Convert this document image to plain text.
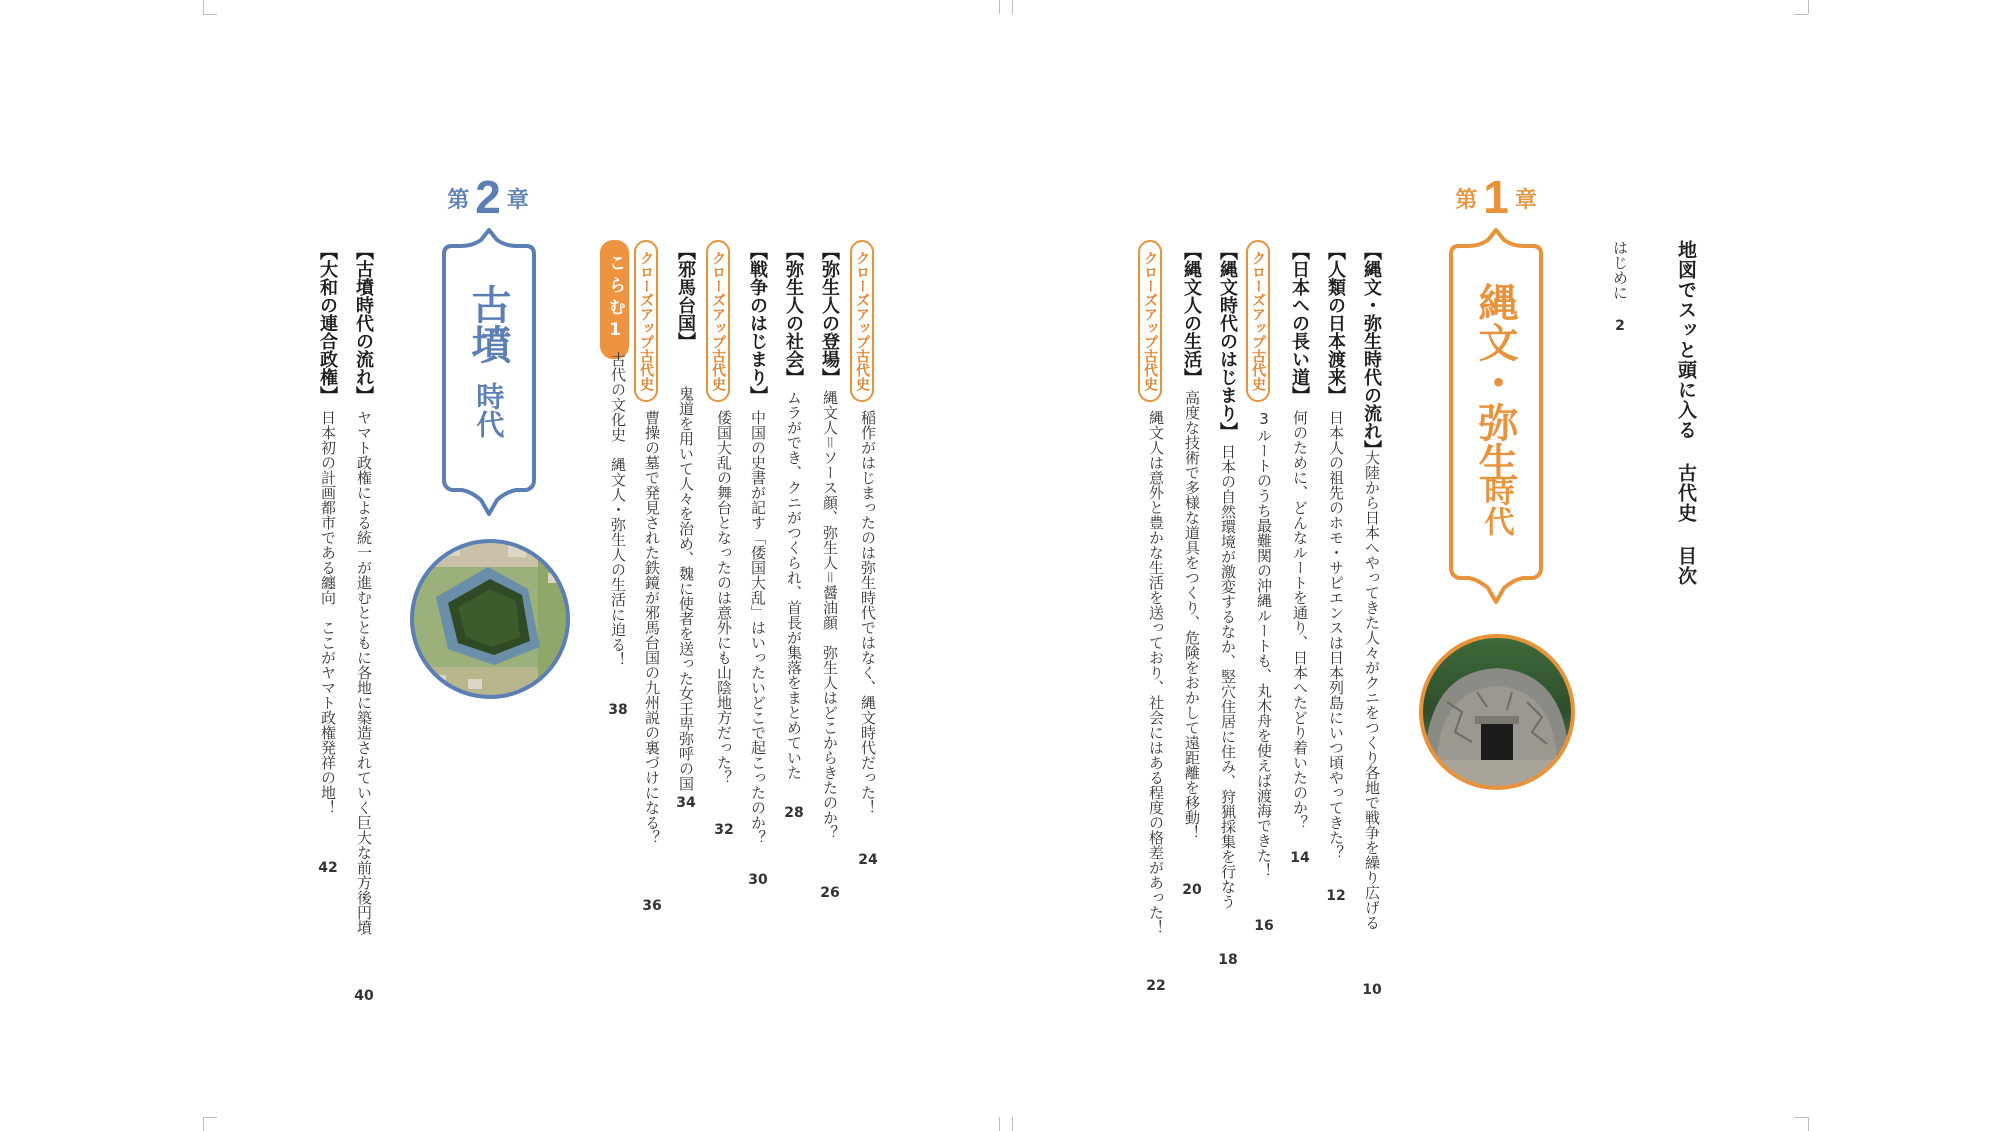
地図でスッと頭に入る 古代史 目次
はじめに
2
第 1 章
縄文・弥生
時代
【縄文・弥生時代の流れ】
大陸から日本へやってきた人々がクニをつくり各地で戦争を繰り広げる
10
【人類の日本渡来】
日本人の祖先のホモ・サピエンスは日本列島にいつ頃やってきた？
12
【日本への長い道】
何のために、どんなルートを通り、日本へたどり着いたのか？
14
クローズアップ古代史
3ルートのうち最難関の沖縄ルートも、丸木舟を使えば渡海できた！
16
【縄文時代のはじまり】
日本の自然環境が激変するなか、竪穴住居に住み、狩猟採集を行なう
18
【縄文人の生活】
高度な技術で多様な道具をつくり、危険をおかして遠距離を移動！
20
クローズアップ古代史
縄文人は意外と豊かな生活を送っており、社会にはある程度の格差があった！
22
クローズアップ古代史
稲作がはじまったのは弥生時代ではなく、縄文時代だった！
24
【弥生人の登場】
縄文人＝ソース顔、弥生人＝醤油顔　弥生人はどこからきたのか？
26
【弥生人の社会】
ムラができ、クニがつくられ、首長が集落をまとめていた
28
【戦争のはじまり】
中国の史書が記す「倭国大乱」はいったいどこで起こったのか？
30
クローズアップ古代史
倭国大乱の舞台となったのは意外にも山陰地方だった？
32
【邪馬台国】
鬼道を用いて人々を治め、魏に使者を送った女王卑弥呼の国
34
クローズアップ古代史
曹操の墓で発見された鉄鏡が邪馬台国の九州説の裏づけになる？
36
こらむ1
古代の文化史　縄文人・弥生人の生活に迫る！
38
第 2 章
古墳
時代
【古墳時代の流れ】
ヤマト政権による統一が進むとともに各地に築造されていく巨大な前方後円墳
40
【大和の連合政権】
日本初の計画都市である纏向　ここがヤマト政権発祥の地！
42
